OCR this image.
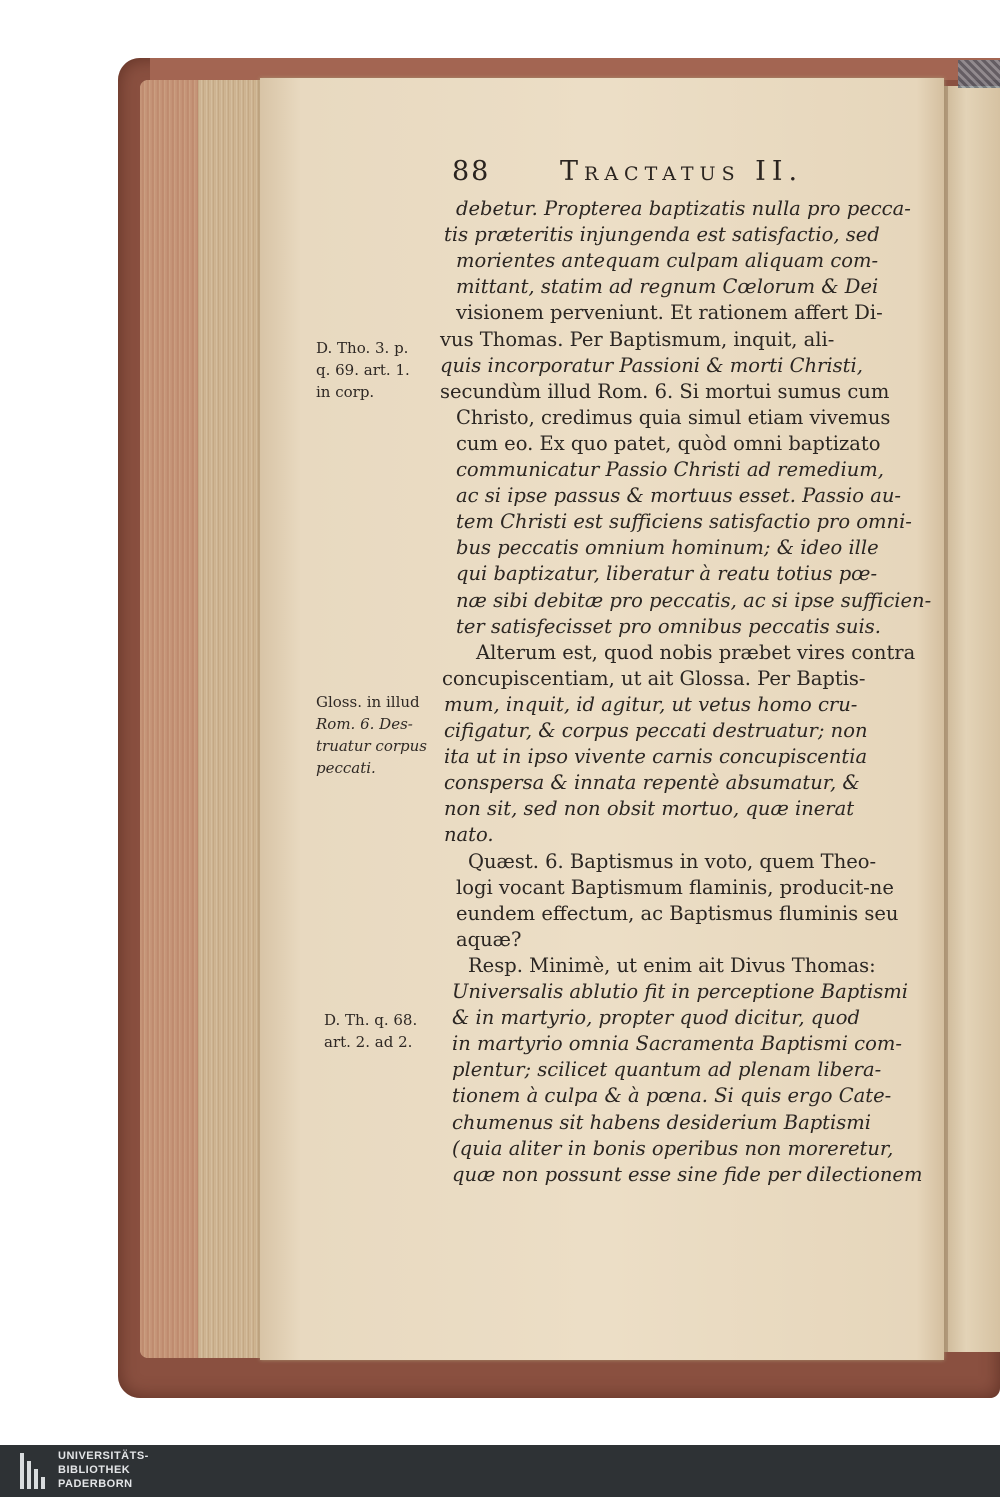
88	Tractatus II.
debetur. Propterea baptizatis nulla pro pecca-
tis præteritis injungenda est satisfactio, sed
morientes antequam culpam aliquam com-
mittant, statim ad regnum Cœlorum & Dei
visionem perveniunt. Et rationem affert Di-
vus Thomas. Per Baptismum, inquit, ali-
quis incorporatur Passioni & morti Christi,
secundùm illud Rom. 6. Si mortui sumus cum
Christo, credimus quia simul etiam vivemus
cum eo. Ex quo patet, quòd omni baptizato
communicatur Passio Christi ad remedium,
ac si ipse passus & mortuus esset. Passio au-
tem Christi est sufficiens satisfactio pro omni-
bus peccatis omnium hominum; & ideo ille
qui baptizatur, liberatur à reatu totius pœ-
næ sibi debitæ pro peccatis, ac si ipse sufficien-
ter satisfecisset pro omnibus peccatis suis.
Alterum est, quod nobis præbet vires contra
concupiscentiam, ut ait Glossa. Per Baptis-
mum, inquit, id agitur, ut vetus homo cru-
cifigatur, & corpus peccati destruatur; non
ita ut in ipso vivente carnis concupiscentia
conspersa & innata repentè absumatur, &
non sit, sed non obsit mortuo, quæ inerat
nato.
Quæst. 6. Baptismus in voto, quem Theo-
logi vocant Baptismum flaminis, producit-ne
eundem effectum, ac Baptismus fluminis seu
aquæ?
Resp. Minimè, ut enim ait Divus Thomas:
Universalis ablutio fit in perceptione Baptismi
& in martyrio, propter quod dicitur, quod
in martyrio omnia Sacramenta Baptismi com-
plentur; scilicet quantum ad plenam libera-
tionem à culpa & à pœna. Si quis ergo Cate-
chumenus sit habens desiderium Baptismi
(quia aliter in bonis operibus non moreretur,
quæ non possunt esse sine fide per dilectionem
D. Tho. 3. p.
q. 69. art. 1.
in corp.
Gloss. in illud
Rom. 6. Des-
truatur corpus
peccati.
D. Th. q. 68.
art. 2. ad 2.
UNIVERSITÄTS-
BIBLIOTHEK
PADERBORN
